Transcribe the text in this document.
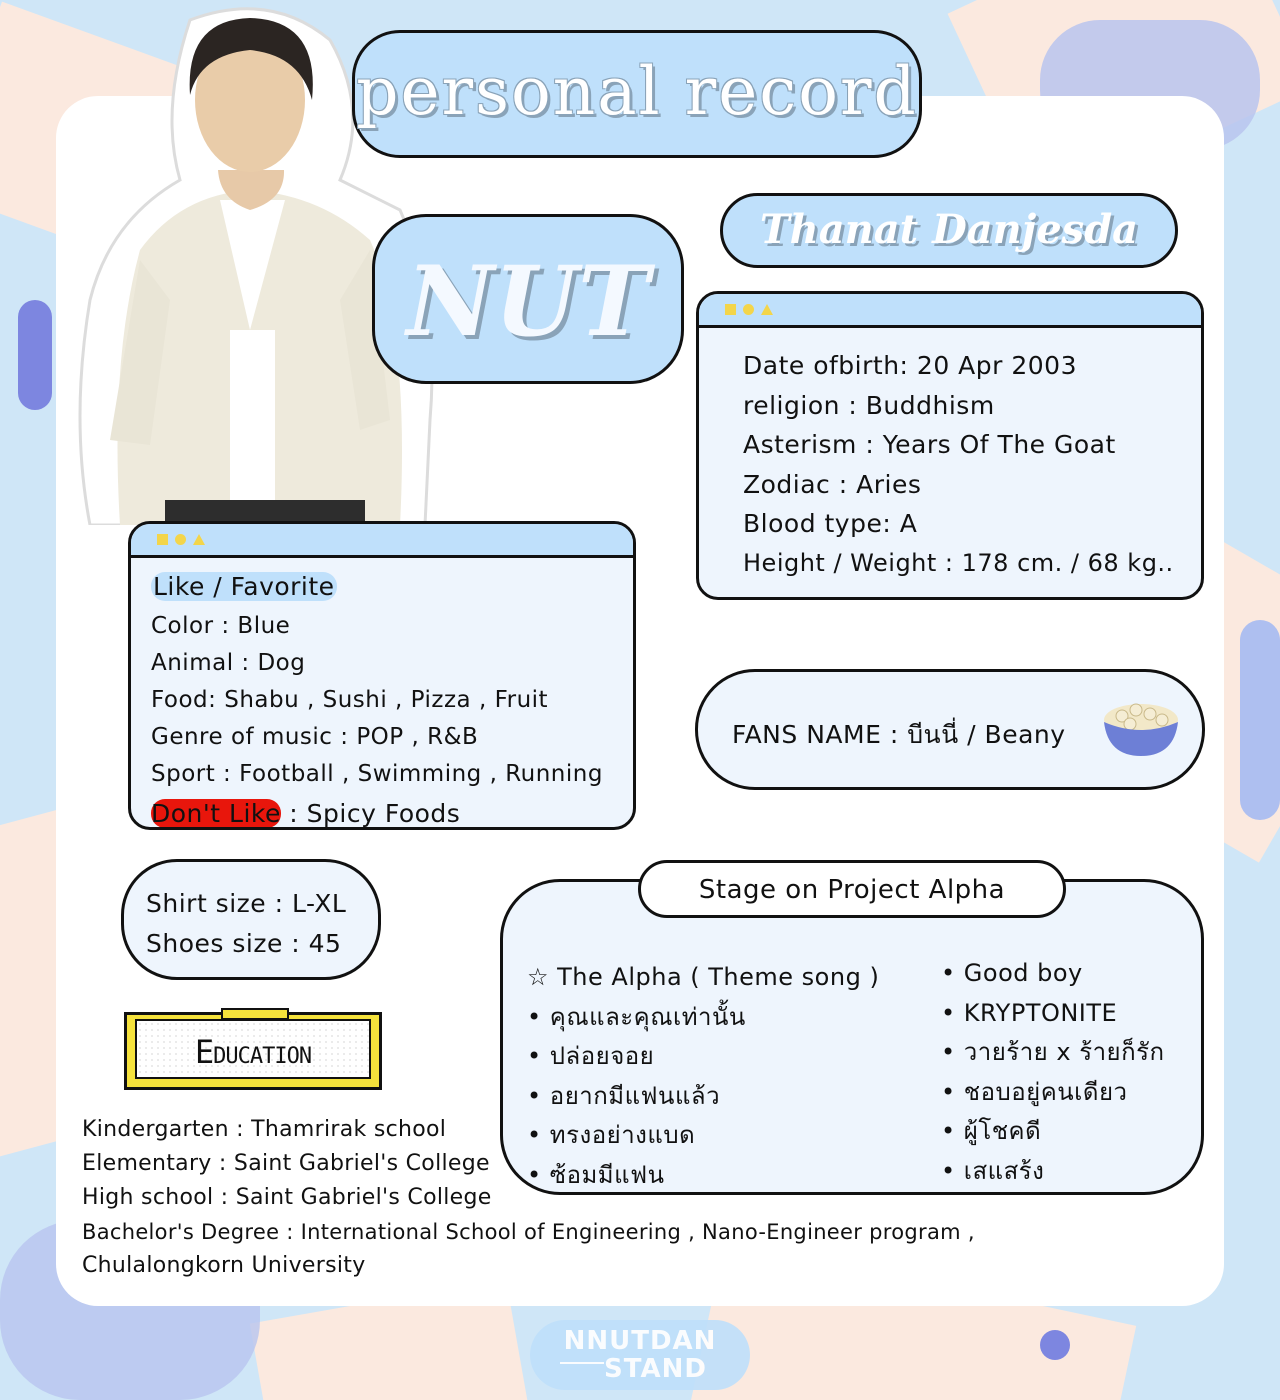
personal record
NUT
Thanat Danjesda
Date ofbirth: 20 Apr 2003
religion : Buddhism
Asterism : Years Of The Goat
Zodiac : Aries
Blood type: A
Height / Weight : 178 cm. / 68 kg..
Like / Favorite
Color : Blue
Animal : Dog
Food: Shabu , Sushi , Pizza , Fruit
Genre of music : POP , R&B
Sport : Football , Swimming , Running
Don't Like : Spicy Foods
FANS NAME : บีนนี่ / Beany
Shirt size : L-XL
Shoes size : 45
Education
Kindergarten : Thamrirak school
Elementary : Saint Gabriel's College
High school : Saint Gabriel's College
Bachelor's Degree : International School of Engineering , Nano-Engineer program ,
Chulalongkorn University
☆ The Alpha ( Theme song )
• คุณและคุณเท่านั้น
• ปล่อยจอย
• อยากมีแฟนแล้ว
• ทรงอย่างแบด
• ซ้อมมีแฟน
• Good boy
• KRYPTONITE
• วายร้าย x ร้ายก็รัก
• ชอบอยู่คนเดียว
• ผู้โชคดี
• เสแสร้ง
Stage on Project Alpha
NNUTDAN
STAND
